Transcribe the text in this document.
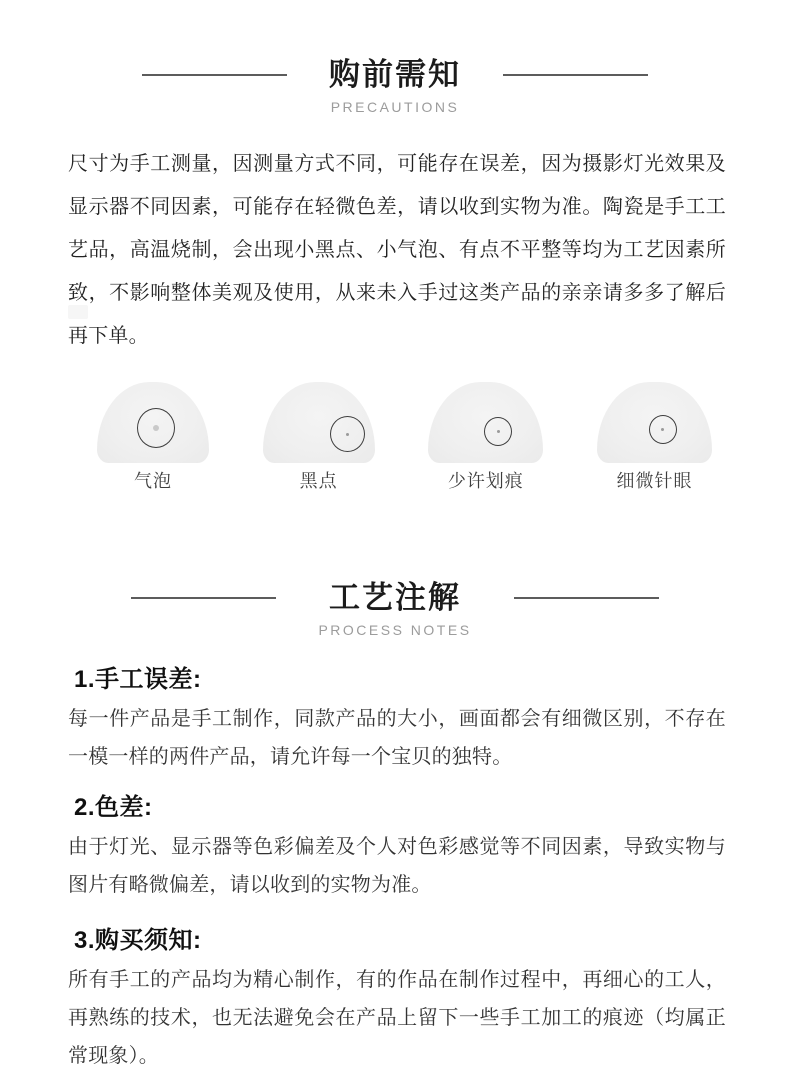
购前需知
PRECAUTIONS

尺寸为手工测量，因测量方式不同，可能存在误差，因为摄影灯光效果及显示器不同因素，可能存在轻微色差，请以收到实物为准。陶瓷是手工工艺品，高温烧制，会出现小黑点、小气泡、有点不平整等均为工艺因素所致，不影响整体美观及使用，从来未入手过这类产品的亲亲请多多了解后再下单。

气泡	黑点	少许划痕	细微针眼
工艺注解
PROCESS NOTES
1.手工误差:

每一件产品是手工制作，同款产品的大小，画面都会有细微区别，不存在一模一样的两件产品，请允许每一个宝贝的独特。

2.色差:

由于灯光、显示器等色彩偏差及个人对色彩感觉等不同因素，导致实物与图片有略微偏差，请以收到的实物为准。

3.购买须知:

所有手工的产品均为精心制作，有的作品在制作过程中，再细心的工人，再熟练的技术，也无法避免会在产品上留下一些手工加工的痕迹（均属正常现象）。
